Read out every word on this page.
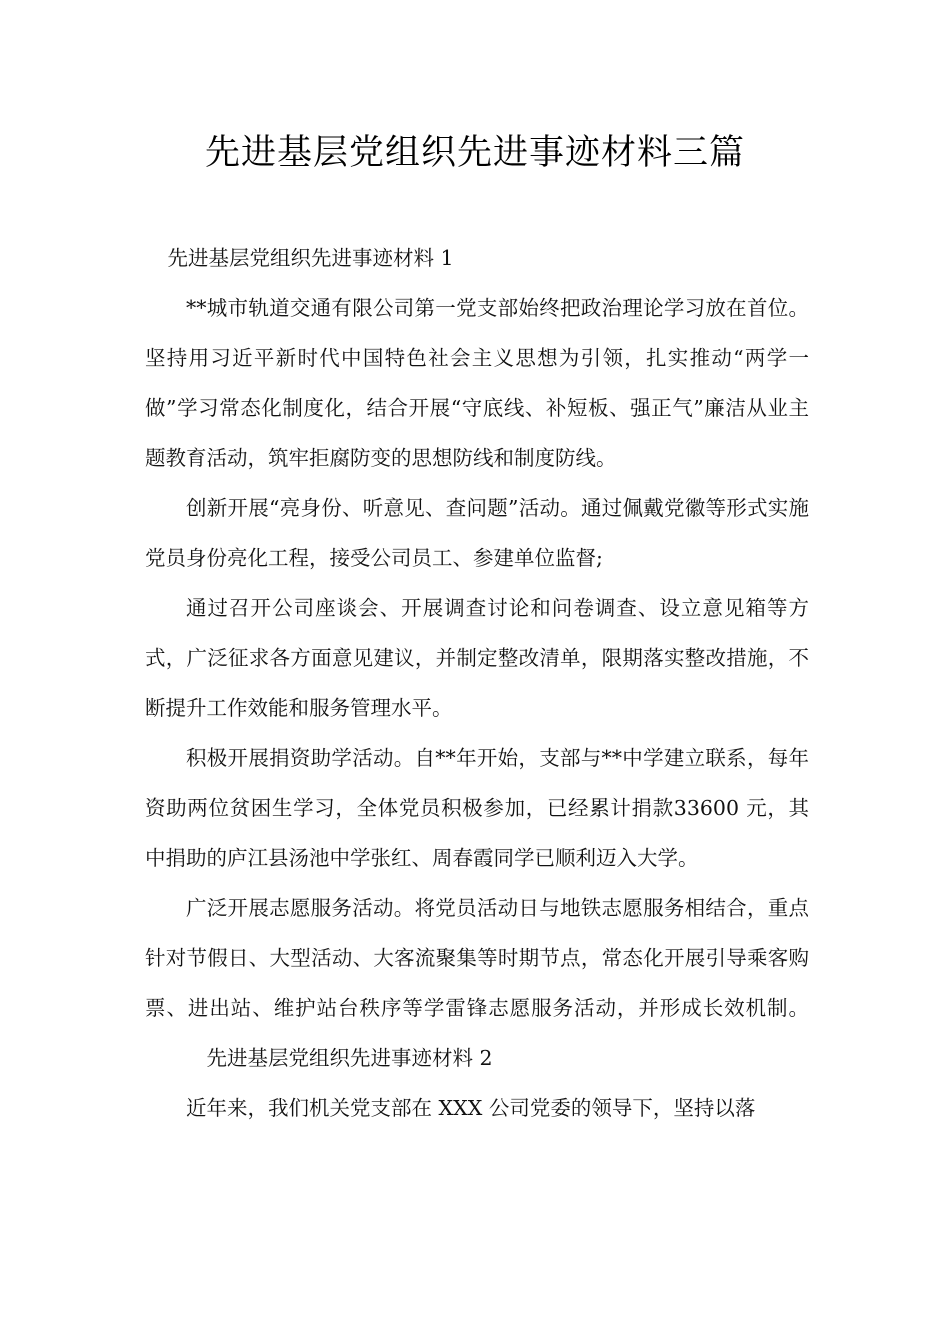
先进基层党组织先进事迹材料三篇

先进基层党组织先进事迹材料 1

**城市轨道交通有限公司第一党支部始终把政治理论学习放在首位。坚持用习近平新时代中国特色社会主义思想为引领，扎实推动“两学一做”学习常态化制度化，结合开展“守底线、补短板、强正气”廉洁从业主题教育活动，筑牢拒腐防变的思想防线和制度防线。

创新开展“亮身份、听意见、查问题”活动。通过佩戴党徽等形式实施党员身份亮化工程，接受公司员工、参建单位监督;

通过召开公司座谈会、开展调查讨论和问卷调查、设立意见箱等方式，广泛征求各方面意见建议，并制定整改清单，限期落实整改措施，不断提升工作效能和服务管理水平。

积极开展捐资助学活动。自**年开始，支部与**中学建立联系，每年资助两位贫困生学习，全体党员积极参加，已经累计捐款33600 元，其中捐助的庐江县汤池中学张红、周春霞同学已顺利迈入大学。

广泛开展志愿服务活动。将党员活动日与地铁志愿服务相结合，重点针对节假日、大型活动、大客流聚集等时期节点，常态化开展引导乘客购票、进出站、维护站台秩序等学雷锋志愿服务活动，并形成长效机制。先进基层党组织先进事迹材料 2

近年来，我们机关党支部在 XXX 公司党委的领导下，坚持以落
